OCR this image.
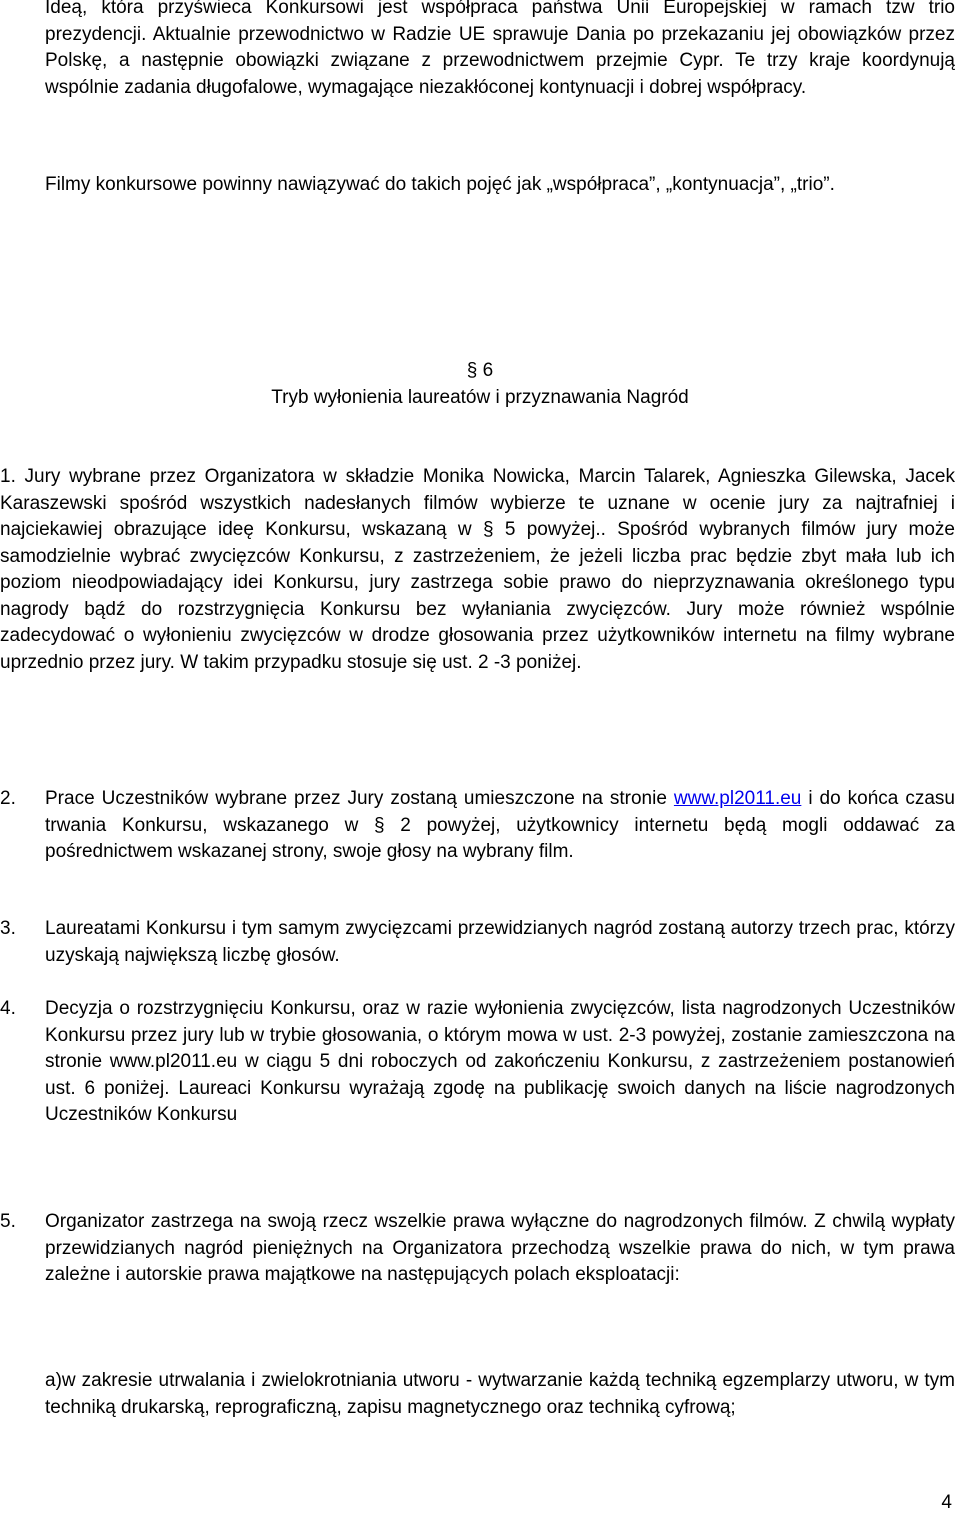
Ideą, która przyświeca Konkursowi jest współpraca państwa Unii Europejskiej w ramach tzw trio prezydencji. Aktualnie przewodnictwo w Radzie UE sprawuje Dania po przekazaniu jej obowiązków przez Polskę, a następnie obowiązki związane z przewodnictwem przejmie Cypr. Te trzy kraje koordynują wspólnie zadania długofalowe, wymagające niezakłóconej kontynuacji i dobrej współpracy.

Filmy konkursowe powinny nawiązywać do takich pojęć jak „współpraca”, „kontynuacja”, „trio”.

§ 6
Tryb wyłonienia laureatów i przyznawania Nagród

1. Jury wybrane przez Organizatora w składzie Monika Nowicka, Marcin Talarek, Agnieszka Gilewska, Jacek Karaszewski spośród wszystkich nadesłanych filmów wybierze te uznane w ocenie jury za najtrafniej i najciekawiej obrazujące ideę Konkursu, wskazaną w § 5 powyżej.. Spośród wybranych filmów jury może samodzielnie wybrać zwycięzców Konkursu, z zastrzeżeniem, że jeżeli liczba prac będzie zbyt mała lub ich poziom nieodpowiadający idei Konkursu, jury zastrzega sobie prawo do nieprzyznawania określonego typu nagrody bądź do rozstrzygnięcia Konkursu bez wyłaniania zwycięzców. Jury może również wspólnie zadecydować o wyłonieniu zwycięzców w drodze głosowania przez użytkowników internetu na filmy wybrane uprzednio przez jury. W takim przypadku stosuje się ust. 2 -3 poniżej.

2. Prace Uczestników wybrane przez Jury zostaną umieszczone na stronie www.pl2011.eu i do końca czasu trwania Konkursu, wskazanego w § 2 powyżej, użytkownicy internetu będą mogli oddawać za pośrednictwem wskazanej strony, swoje głosy na wybrany film.

3. Laureatami Konkursu i tym samym zwycięzcami przewidzianych nagród zostaną autorzy trzech prac, którzy uzyskają największą liczbę głosów.

4. Decyzja o rozstrzygnięciu Konkursu, oraz w razie wyłonienia zwycięzców, lista nagrodzonych Uczestników Konkursu przez jury lub w trybie głosowania, o którym mowa w ust. 2-3 powyżej, zostanie zamieszczona na stronie www.pl2011.eu w ciągu 5 dni roboczych od zakończeniu Konkursu, z zastrzeżeniem postanowień ust. 6 poniżej. Laureaci Konkursu wyrażają zgodę na publikację swoich danych na liście nagrodzonych Uczestników Konkursu

5. Organizator zastrzega na swoją rzecz wszelkie prawa wyłączne do nagrodzonych filmów. Z chwilą wypłaty przewidzianych nagród pieniężnych na Organizatora przechodzą wszelkie prawa do nich, w tym prawa zależne i autorskie prawa majątkowe na następujących polach eksploatacji:

a)w zakresie utrwalania i zwielokrotniania utworu - wytwarzanie każdą techniką egzemplarzy utworu, w tym techniką drukarską, reprograficzną, zapisu magnetycznego oraz techniką cyfrową;

4
